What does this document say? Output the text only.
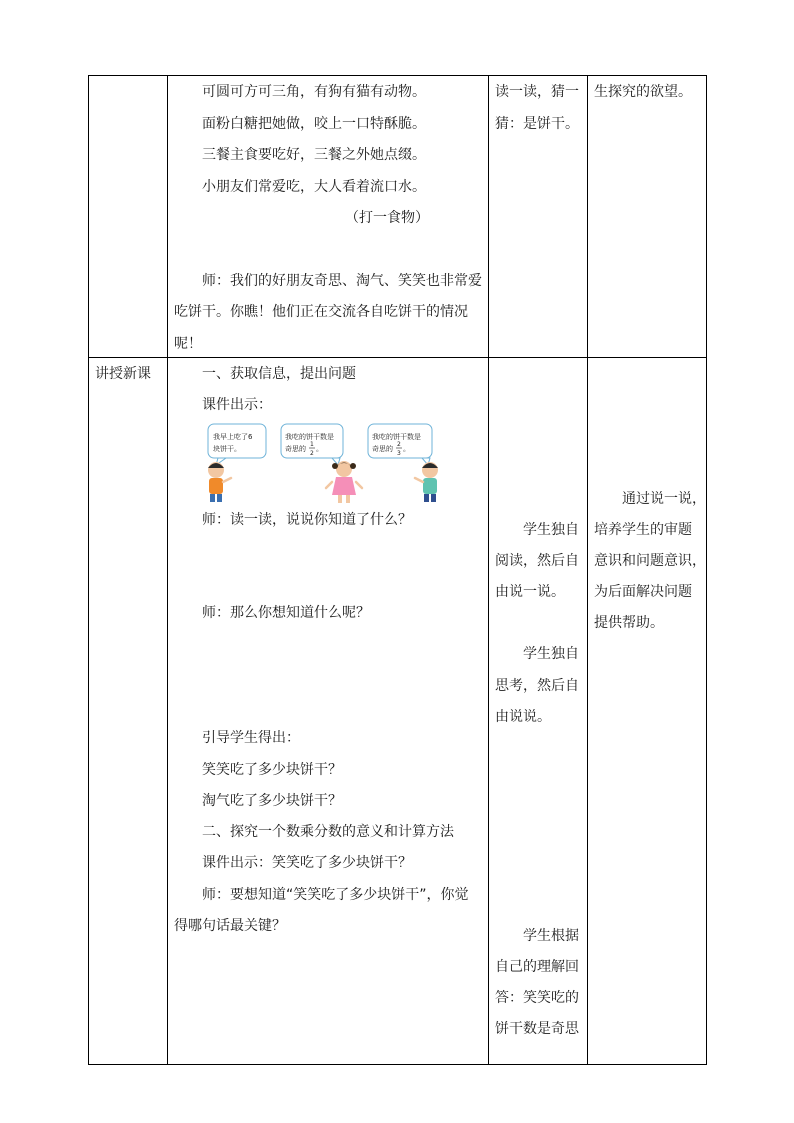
可圆可方可三角，有狗有猫有动物。
面粉白糖把她做，咬上一口特酥脆。
三餐主食要吃好，三餐之外她点缀。
小朋友们常爱吃，大人看着流口水。
（打一食物）
师：我们的好朋友奇思、淘气、笑笑也非常爱
吃饼干。你瞧！他们正在交流各自吃饼干的情况
呢！
读一读，猜一
猜：是饼干。
生探究的欲望。
讲授新课	一、获取信息，提出问题
课件出示：
我早上吃了6
块饼干。
我吃的饼干数是
奇思的
1
2
。
我吃的饼干数是
奇思的
2
3
。
师：读一读，说说你知道了什么？
师：那么你想知道什么呢？
引导学生得出：
笑笑吃了多少块饼干？
淘气吃了多少块饼干？
二、探究一个数乘分数的意义和计算方法
课件出示：笑笑吃了多少块饼干？
师：要想知道“笑笑吃了多少块饼干”，你觉
得哪句话最关键？
学生独自
阅读，然后自
由说一说。
学生独自
思考，然后自
由说说。
学生根据
自己的理解回
答：笑笑吃的
饼干数是奇思
通过说一说，
培养学生的审题
意识和问题意识，
为后面解决问题
提供帮助。
